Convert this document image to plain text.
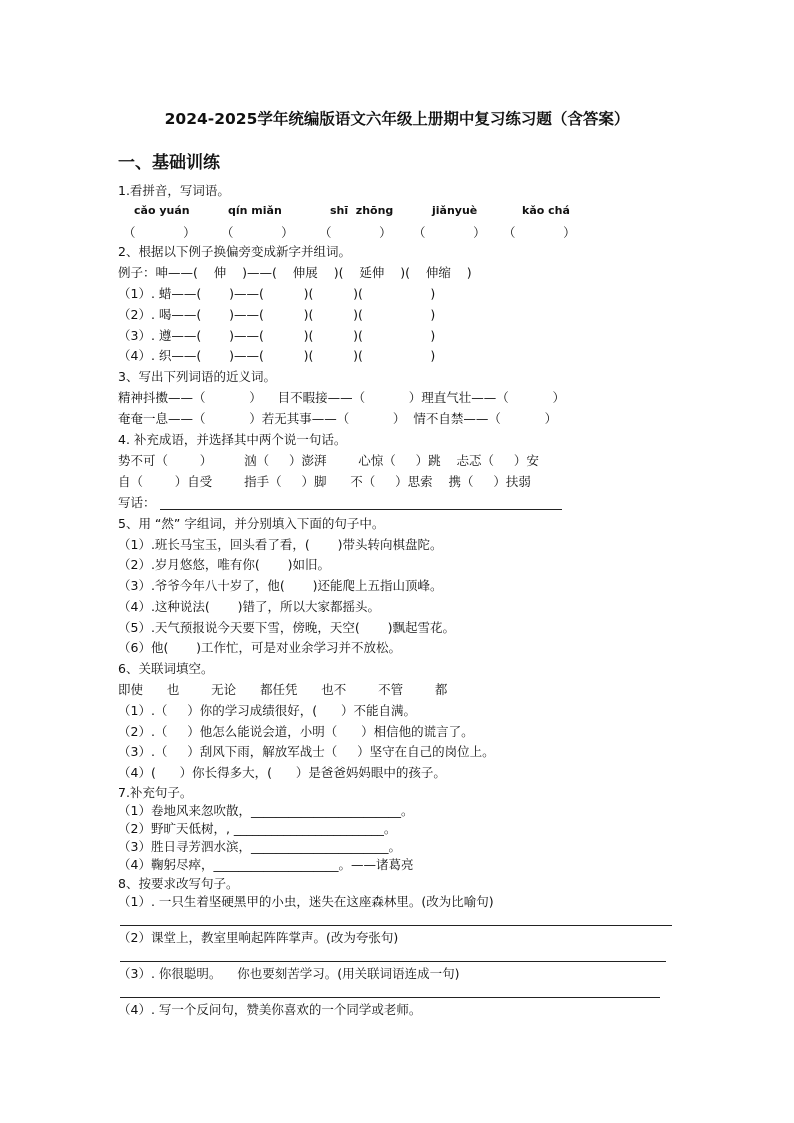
2024-2025学年统编版语文六年级上册期中复习练习题（含答案）
一、基础训练
1.看拼音，写词语。
cǎo yuán	qín miǎn	shī  zhōng	jiǎnyuè	kǎo chá
（            ） （            ） （            ） （            ） （            ）
2、根据以下例子换偏旁变成新字并组词。
例子：呻——(    伸    )——(    伸展    )(    延伸    )(    伸缩    )
（1）. 蜡——(       )——(          )(          )(                 )
（2）. 喝——(       )——(          )(          )(                 )
（3）. 遵——(       )——(          )(          )(                 )
（4）. 织——(       )——(          )(          )(                 )
3、写出下列词语的近义词。
精神抖擞——（           ）    目不暇接——（           ）理直气壮——（           ）
奄奄一息——（           ）若无其事——（           ）  情不自禁——（           ）
4. 补充成语，并选择其中两个说一句话。
势不可（        ）        汹（     ）澎湃        心惊（     ）跳    忐忑（     ）安
自（        ）自受        指手（     ）脚      不（     ）思索    携（     ）扶弱
写话：
5、用 “然” 字组词，并分别填入下面的句子中。
（1）.班长马宝玉，回头看了看，(       )带头转向棋盘陀。
（2）.岁月悠悠，唯有你(       )如旧。
（3）.爷爷今年八十岁了，他(       )还能爬上五指山顶峰。
（4）.这种说法(       )错了，所以大家都摇头。
（5）.天气预报说今天要下雪，傍晚，天空(       )飘起雪花。
（6）他(       )工作忙，可是对业余学习并不放松。
6、关联词填空。
即使      也        无论      都任凭      也不        不管        都
（1）.（     ）你的学习成绩很好，(      ）不能自满。
（2）.（     ）他怎么能说会道，小明（      ）相信他的谎言了。
（3）.（     ）刮风下雨，解放军战士（     ）坚守在自己的岗位上。
（4）(      ）你长得多大，(      ）是爸爸妈妈眼中的孩子。
7.补充句子。
（1）卷地风来忽吹散，________________________。
（2）野旷天低树，, ________________________。
（3）胜日寻芳泗水滨，______________________。
（4）鞠躬尽瘁，____________________。——诸葛亮
8、按要求改写句子。
（1）. 一只生着坚硬黑甲的小虫，迷失在这座森林里。(改为比喻句)
（2）课堂上，教室里响起阵阵掌声。(改为夸张句)
（3）. 你很聪明。    你也要刻苦学习。(用关联词语连成一句)
（4）. 写一个反问句，赞美你喜欢的一个同学或老师。
